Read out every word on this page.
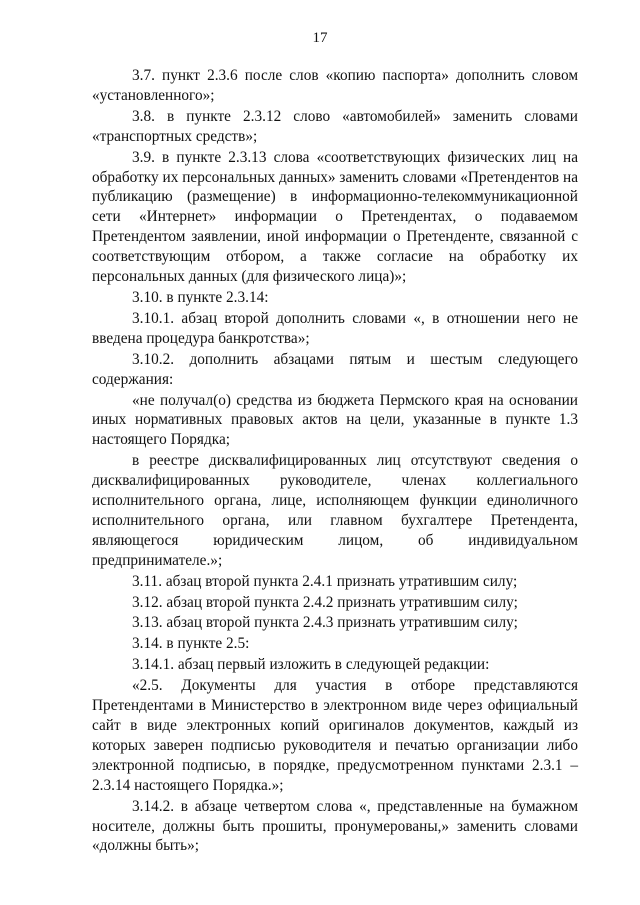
17

3.7. пункт 2.3.6 после слов «копию паспорта» дополнить словом «установленного»;

3.8. в пункте 2.3.12 слово «автомобилей» заменить словами «транспортных средств»;

3.9. в пункте 2.3.13 слова «соответствующих физических лиц на обработку их персональных данных» заменить словами «Претендентов на публикацию (размещение) в информационно-телекоммуникационной сети «Интернет» информации о Претендентах, о подаваемом Претендентом заявлении, иной информации о Претенденте, связанной с соответствующим отбором, а также согласие на обработку их персональных данных (для физического лица)»;

3.10. в пункте 2.3.14:

3.10.1. абзац второй дополнить словами «, в отношении него не введена процедура банкротства»;

3.10.2. дополнить абзацами пятым и шестым следующего содержания:

«не получал(о) средства из бюджета Пермского края на основании иных нормативных правовых актов на цели, указанные в пункте 1.3 настоящего Порядка;

в реестре дисквалифицированных лиц отсутствуют сведения о дисквалифицированных руководителе, членах коллегиального исполнительного органа, лице, исполняющем функции единоличного исполнительного органа, или главном бухгалтере Претендента, являющегося юридическим лицом, об индивидуальном предпринимателе.»;

3.11. абзац второй пункта 2.4.1 признать утратившим силу;

3.12. абзац второй пункта 2.4.2 признать утратившим силу;

3.13. абзац второй пункта 2.4.3 признать утратившим силу;

3.14. в пункте 2.5:

3.14.1. абзац первый изложить в следующей редакции:

«2.5. Документы для участия в отборе представляются Претендентами в Министерство в электронном виде через официальный сайт в виде электронных копий оригиналов документов, каждый из которых заверен подписью руководителя и печатью организации либо электронной подписью, в порядке, предусмотренном пунктами 2.3.1 – 2.3.14 настоящего Порядка.»;

3.14.2. в абзаце четвертом слова «, представленные на бумажном носителе, должны быть прошиты, пронумерованы,» заменить словами «должны быть»;
